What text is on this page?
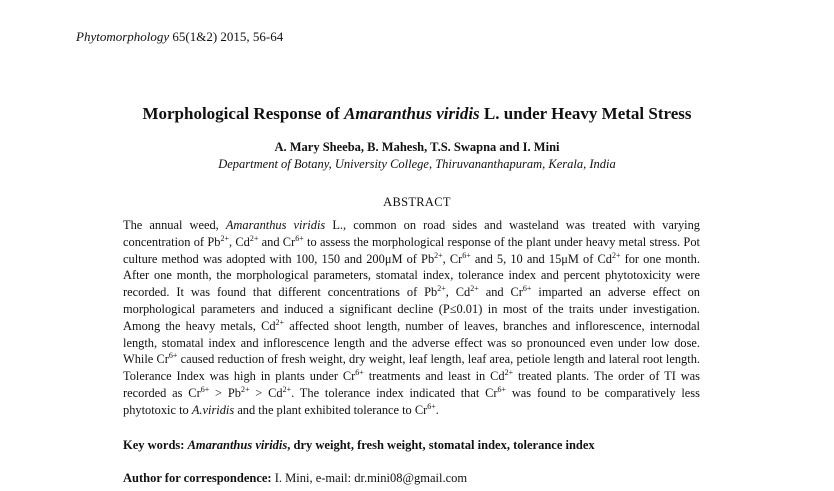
Phytomorphology 65(1&2) 2015, 56-64
Morphological Response of Amaranthus viridis L. under Heavy Metal Stress
A. Mary Sheeba, B. Mahesh, T.S. Swapna and I. Mini
Department of Botany, University College, Thiruvananthapuram, Kerala, India
ABSTRACT

The annual weed, Amaranthus viridis L., common on road sides and wasteland was treated with varying concentration of $Pb^{2+}$, $Cd^{2+}$ and $Cr^{6+}$ to assess the morphological response of the plant under heavy metal stress. Pot culture method was adopted with 100, 150 and 200μM of $Pb^{2+}$, $Cr^{6+}$ and 5, 10 and 15μM of $Cd^{2+}$ for one month. After one month, the morphological parameters, stomatal index, tolerance index and percent phytotoxicity were recorded. It was found that different concentrations of $Pb^{2+}$, $Cd^{2+}$ and $Cr^{6+}$ imparted an adverse effect on morphological parameters and induced a significant decline (P≤0.01) in most of the traits under investigation. Among the heavy metals, $Cd^{2+}$ affected shoot length, number of leaves, branches and inflorescence, internodal length, stomatal index and inflorescence length and the adverse effect was so pronounced even under low dose. While $Cr^{6+}$ caused reduction of fresh weight, dry weight, leaf length, leaf area, petiole length and lateral root length. Tolerance Index was high in plants under $Cr^{6+}$ treatments and least in $Cd^{2+}$ treated plants. The order of TI was recorded as $Cr^{6+} > Pb^{2+} > Cd^{2+}$. The tolerance index indicated that $Cr^{6+}$ was found to be comparatively less phytotoxic to A.viridis and the plant exhibited tolerance to $Cr^{6+}$.

Key words: Amaranthus viridis, dry weight, fresh weight, stomatal index, tolerance index
Author for correspondence: I. Mini, e-mail: dr.mini08@gmail.com
